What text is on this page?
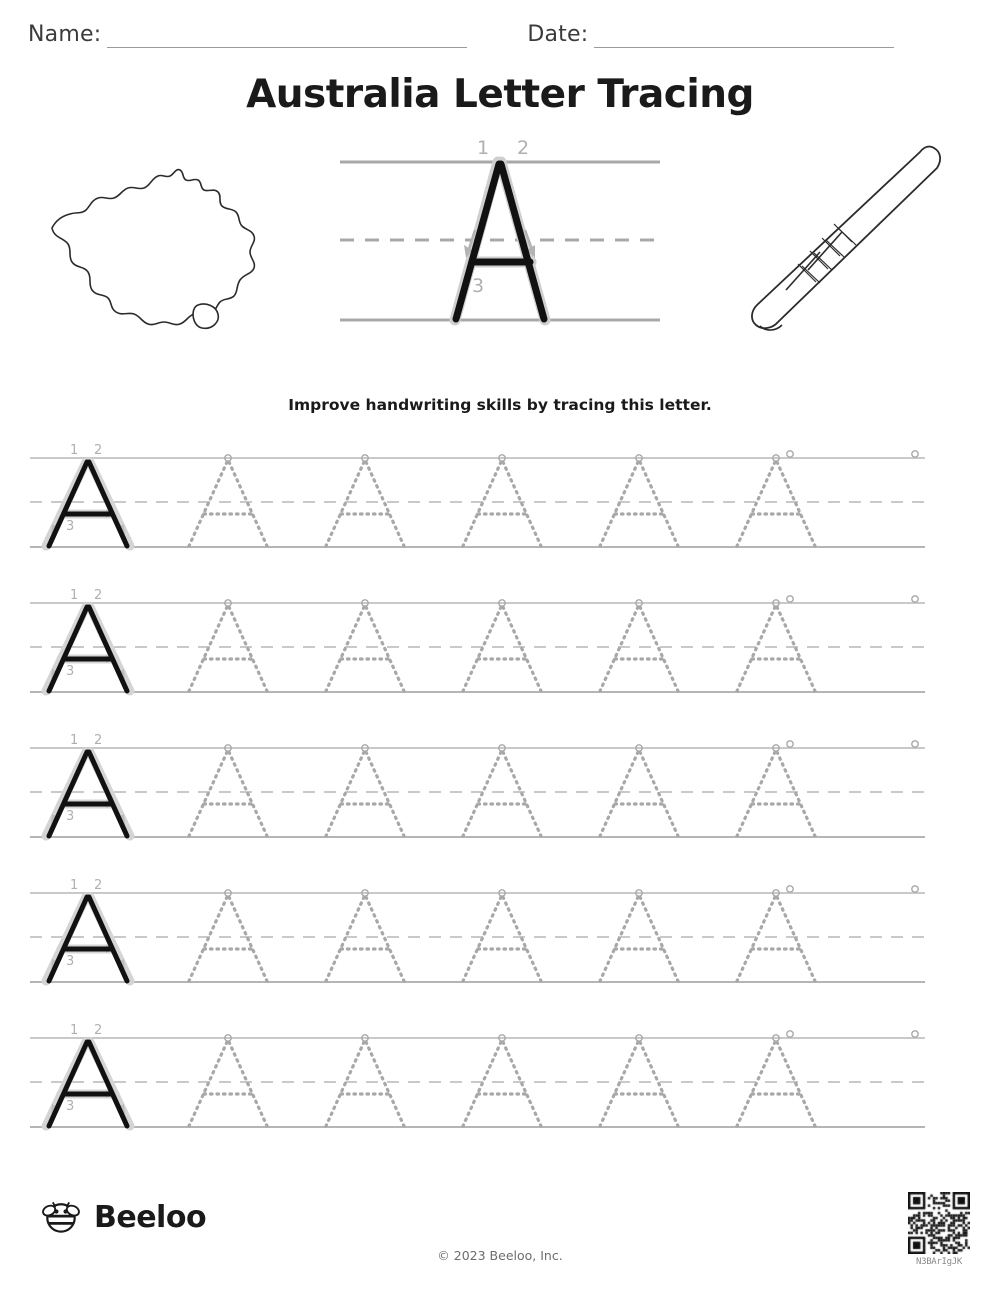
Name:	Date:
Australia Letter Tracing
1 2
3
Improve handwriting skills by tracing this letter.
1 2
3
1 2
3
1 2
3
1 2
3
1 2
3
Beeloo
© 2023 Beeloo, Inc.	N3BArIgJK
